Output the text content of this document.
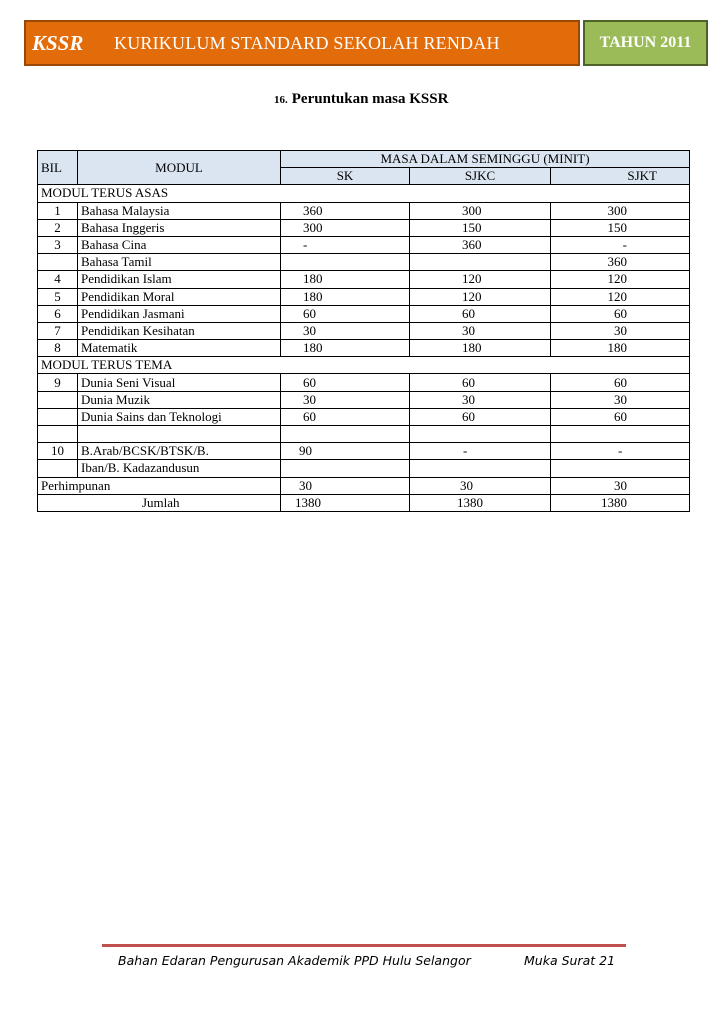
KSSR	KURIKULUM STANDARD SEKOLAH RENDAH	TAHUN 2011
16. Peruntukan masa KSSR
BIL	MODUL	MASA DALAM SEMINGGU (MINIT)		
		SK	SJKC	SJKT
MODUL TERUS ASAS				
1	Bahasa Malaysia	360	300	300
2	Bahasa Inggeris	300	150	150
3	Bahasa Cina	-	360	-
	Bahasa Tamil			360
4	Pendidikan Islam	180	120	120
5	Pendidikan Moral	180	120	120
6	Pendidikan Jasmani	60	60	60
7	Pendidikan Kesihatan	30	30	30
8	Matematik	180	180	180
MODUL TERUS TEMA				
9	Dunia Seni Visual	60	60	60
	Dunia Muzik	30	30	30
	Dunia Sains dan Teknologi	60	60	60

10	B.Arab/BCSK/BTSK/B.	90	-	-
	Iban/B. Kadazandusun			
Perhimpunan		30	30	30
Jumlah		1380	1380	1380
Bahan Edaran Pengurusan Akademik PPD Hulu Selangor	Muka Surat 21
